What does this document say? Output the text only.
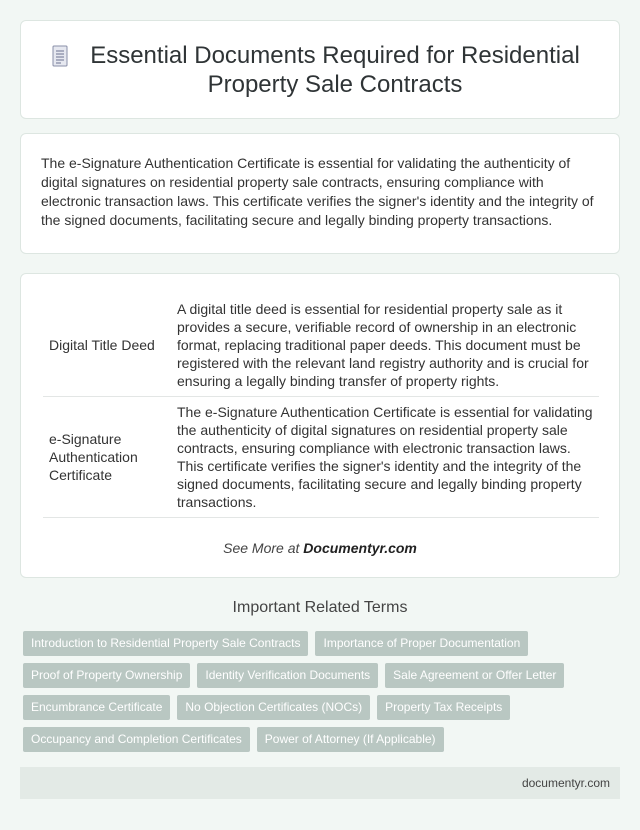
Essential Documents Required for Residential Property Sale Contracts

The e-Signature Authentication Certificate is essential for validating the authenticity of digital signatures on residential property sale contracts, ensuring compliance with electronic transaction laws. This certificate verifies the signer's identity and the integrity of the signed documents, facilitating secure and legally binding property transactions.

Digital Title Deed	A digital title deed is essential for residential property sale as it provides a secure, verifiable record of ownership in an electronic format, replacing traditional paper deeds. This document must be registered with the relevant land registry authority and is crucial for ensuring a legally binding transfer of property rights.
e-Signature Authentication Certificate	The e-Signature Authentication Certificate is essential for validating the authenticity of digital signatures on residential property sale contracts, ensuring compliance with electronic transaction laws. This certificate verifies the signer's identity and the integrity of the signed documents, facilitating secure and legally binding property transactions.
See More at Documentyr.com
Important Related Terms
Introduction to Residential Property Sale Contracts	Importance of Proper Documentation
Proof of Property Ownership	Identity Verification Documents	Sale Agreement or Offer Letter
Encumbrance Certificate	No Objection Certificates (NOCs)	Property Tax Receipts
Occupancy and Completion Certificates	Power of Attorney (If Applicable)
documentyr.com
